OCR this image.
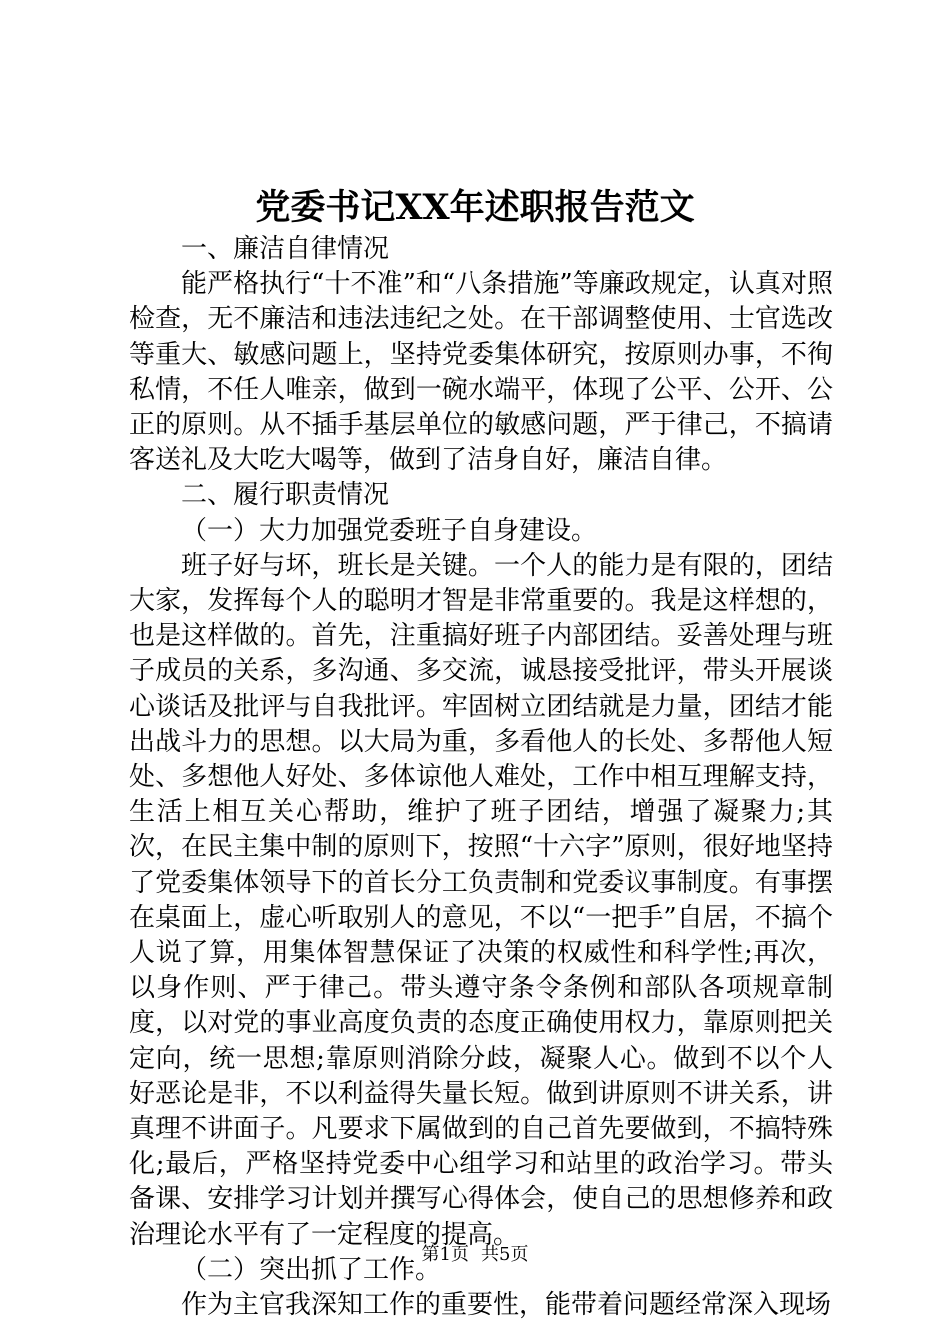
党委书记XX年述职报告范文

一、廉洁自律情况

能严格执行“十不准”和“八条措施”等廉政规定，认真对照检查，无不廉洁和违法违纪之处。在干部调整使用、士官选改等重大、敏感问题上，坚持党委集体研究，按原则办事，不徇私情，不任人唯亲，做到一碗水端平，体现了公平、公开、公正的原则。从不插手基层单位的敏感问题，严于律己，不搞请客送礼及大吃大喝等，做到了洁身自好，廉洁自律。

二、履行职责情况

（一）大力加强党委班子自身建设。

班子好与坏，班长是关键。一个人的能力是有限的，团结大家，发挥每个人的聪明才智是非常重要的。我是这样想的，也是这样做的。首先，注重搞好班子内部团结。妥善处理与班子成员的关系，多沟通、多交流，诚恳接受批评，带头开展谈心谈话及批评与自我批评。牢固树立团结就是力量，团结才能出战斗力的思想。以大局为重，多看他人的长处、多帮他人短处、多想他人好处、多体谅他人难处，工作中相互理解支持，生活上相互关心帮助，维护了班子团结，增强了凝聚力;其次，在民主集中制的原则下，按照“十六字”原则，很好地坚持了党委集体领导下的首长分工负责制和党委议事制度。有事摆在桌面上，虚心听取别人的意见，不以“一把手”自居，不搞个人说了算，用集体智慧保证了决策的权威性和科学性;再次，以身作则、严于律己。带头遵守条令条例和部队各项规章制度，以对党的事业高度负责的态度正确使用权力，靠原则把关定向，统一思想;靠原则消除分歧，凝聚人心。做到不以个人好恶论是非，不以利益得失量长短。做到讲原则不讲关系，讲真理不讲面子。凡要求下属做到的自己首先要做到，不搞特殊化;最后，严格坚持党委中心组学习和站里的政治学习。带头备课、安排学习计划并撰写心得体会，使自己的思想修养和政治理论水平有了一定程度的提高。

（二）突出抓了工作。

作为主官我深知工作的重要性，能带着问题经常深入现场

第1页 共5页
